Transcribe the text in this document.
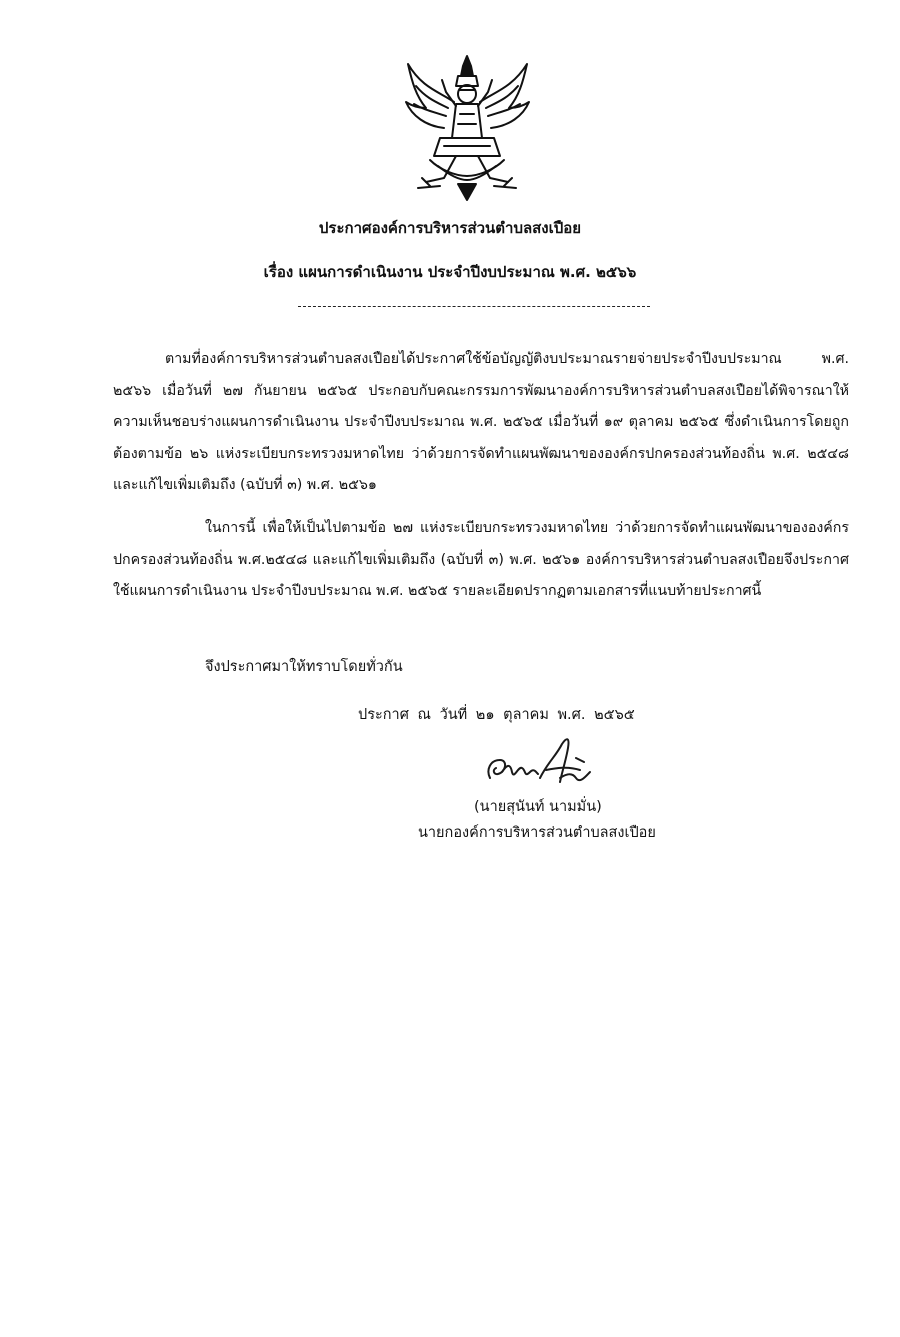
ประกาศองค์การบริหารส่วนตำบลสงเปือย
เรื่อง แผนการดำเนินงาน ประจำปีงบประมาณ พ.ศ. ๒๕๖๖

ตามที่องค์การบริหารส่วนตำบลสงเปือยได้ประกาศใช้ข้อบัญญัติงบประมาณรายจ่ายประจำปีงบประมาณ พ.ศ. ๒๕๖๖ เมื่อวันที่ ๒๗ กันยายน ๒๕๖๕ ประกอบกับคณะกรรมการพัฒนาองค์การบริหารส่วนตำบลสงเปือยได้พิจารณาให้ความเห็นชอบร่างแผนการดำเนินงาน ประจำปีงบประมาณ พ.ศ. ๒๕๖๕ เมื่อวันที่ ๑๙ ตุลาคม ๒๕๖๕ ซึ่งดำเนินการโดยถูกต้องตามข้อ ๒๖ แห่งระเบียบกระทรวงมหาดไทย ว่าด้วยการจัดทำแผนพัฒนาขององค์กรปกครองส่วนท้องถิ่น พ.ศ. ๒๕๔๘ และแก้ไขเพิ่มเติมถึง (ฉบับที่ ๓) พ.ศ. ๒๕๖๑

ในการนี้ เพื่อให้เป็นไปตามข้อ ๒๗ แห่งระเบียบกระทรวงมหาดไทย ว่าด้วยการจัดทำแผนพัฒนาขององค์กรปกครองส่วนท้องถิ่น พ.ศ.๒๕๔๘ และแก้ไขเพิ่มเติมถึง (ฉบับที่ ๓) พ.ศ. ๒๕๖๑ องค์การบริหารส่วนตำบลสงเปือยจึงประกาศใช้แผนการดำเนินงาน ประจำปีงบประมาณ พ.ศ. ๒๕๖๕ รายละเอียดปรากฏตามเอกสารที่แนบท้ายประกาศนี้

จึงประกาศมาให้ทราบโดยทั่วกัน
ประกาศ ณ วันที่ ๒๑ ตุลาคม พ.ศ. ๒๕๖๕
(นายสุนันท์ นามมั่น)
นายกองค์การบริหารส่วนตำบลสงเปือย
